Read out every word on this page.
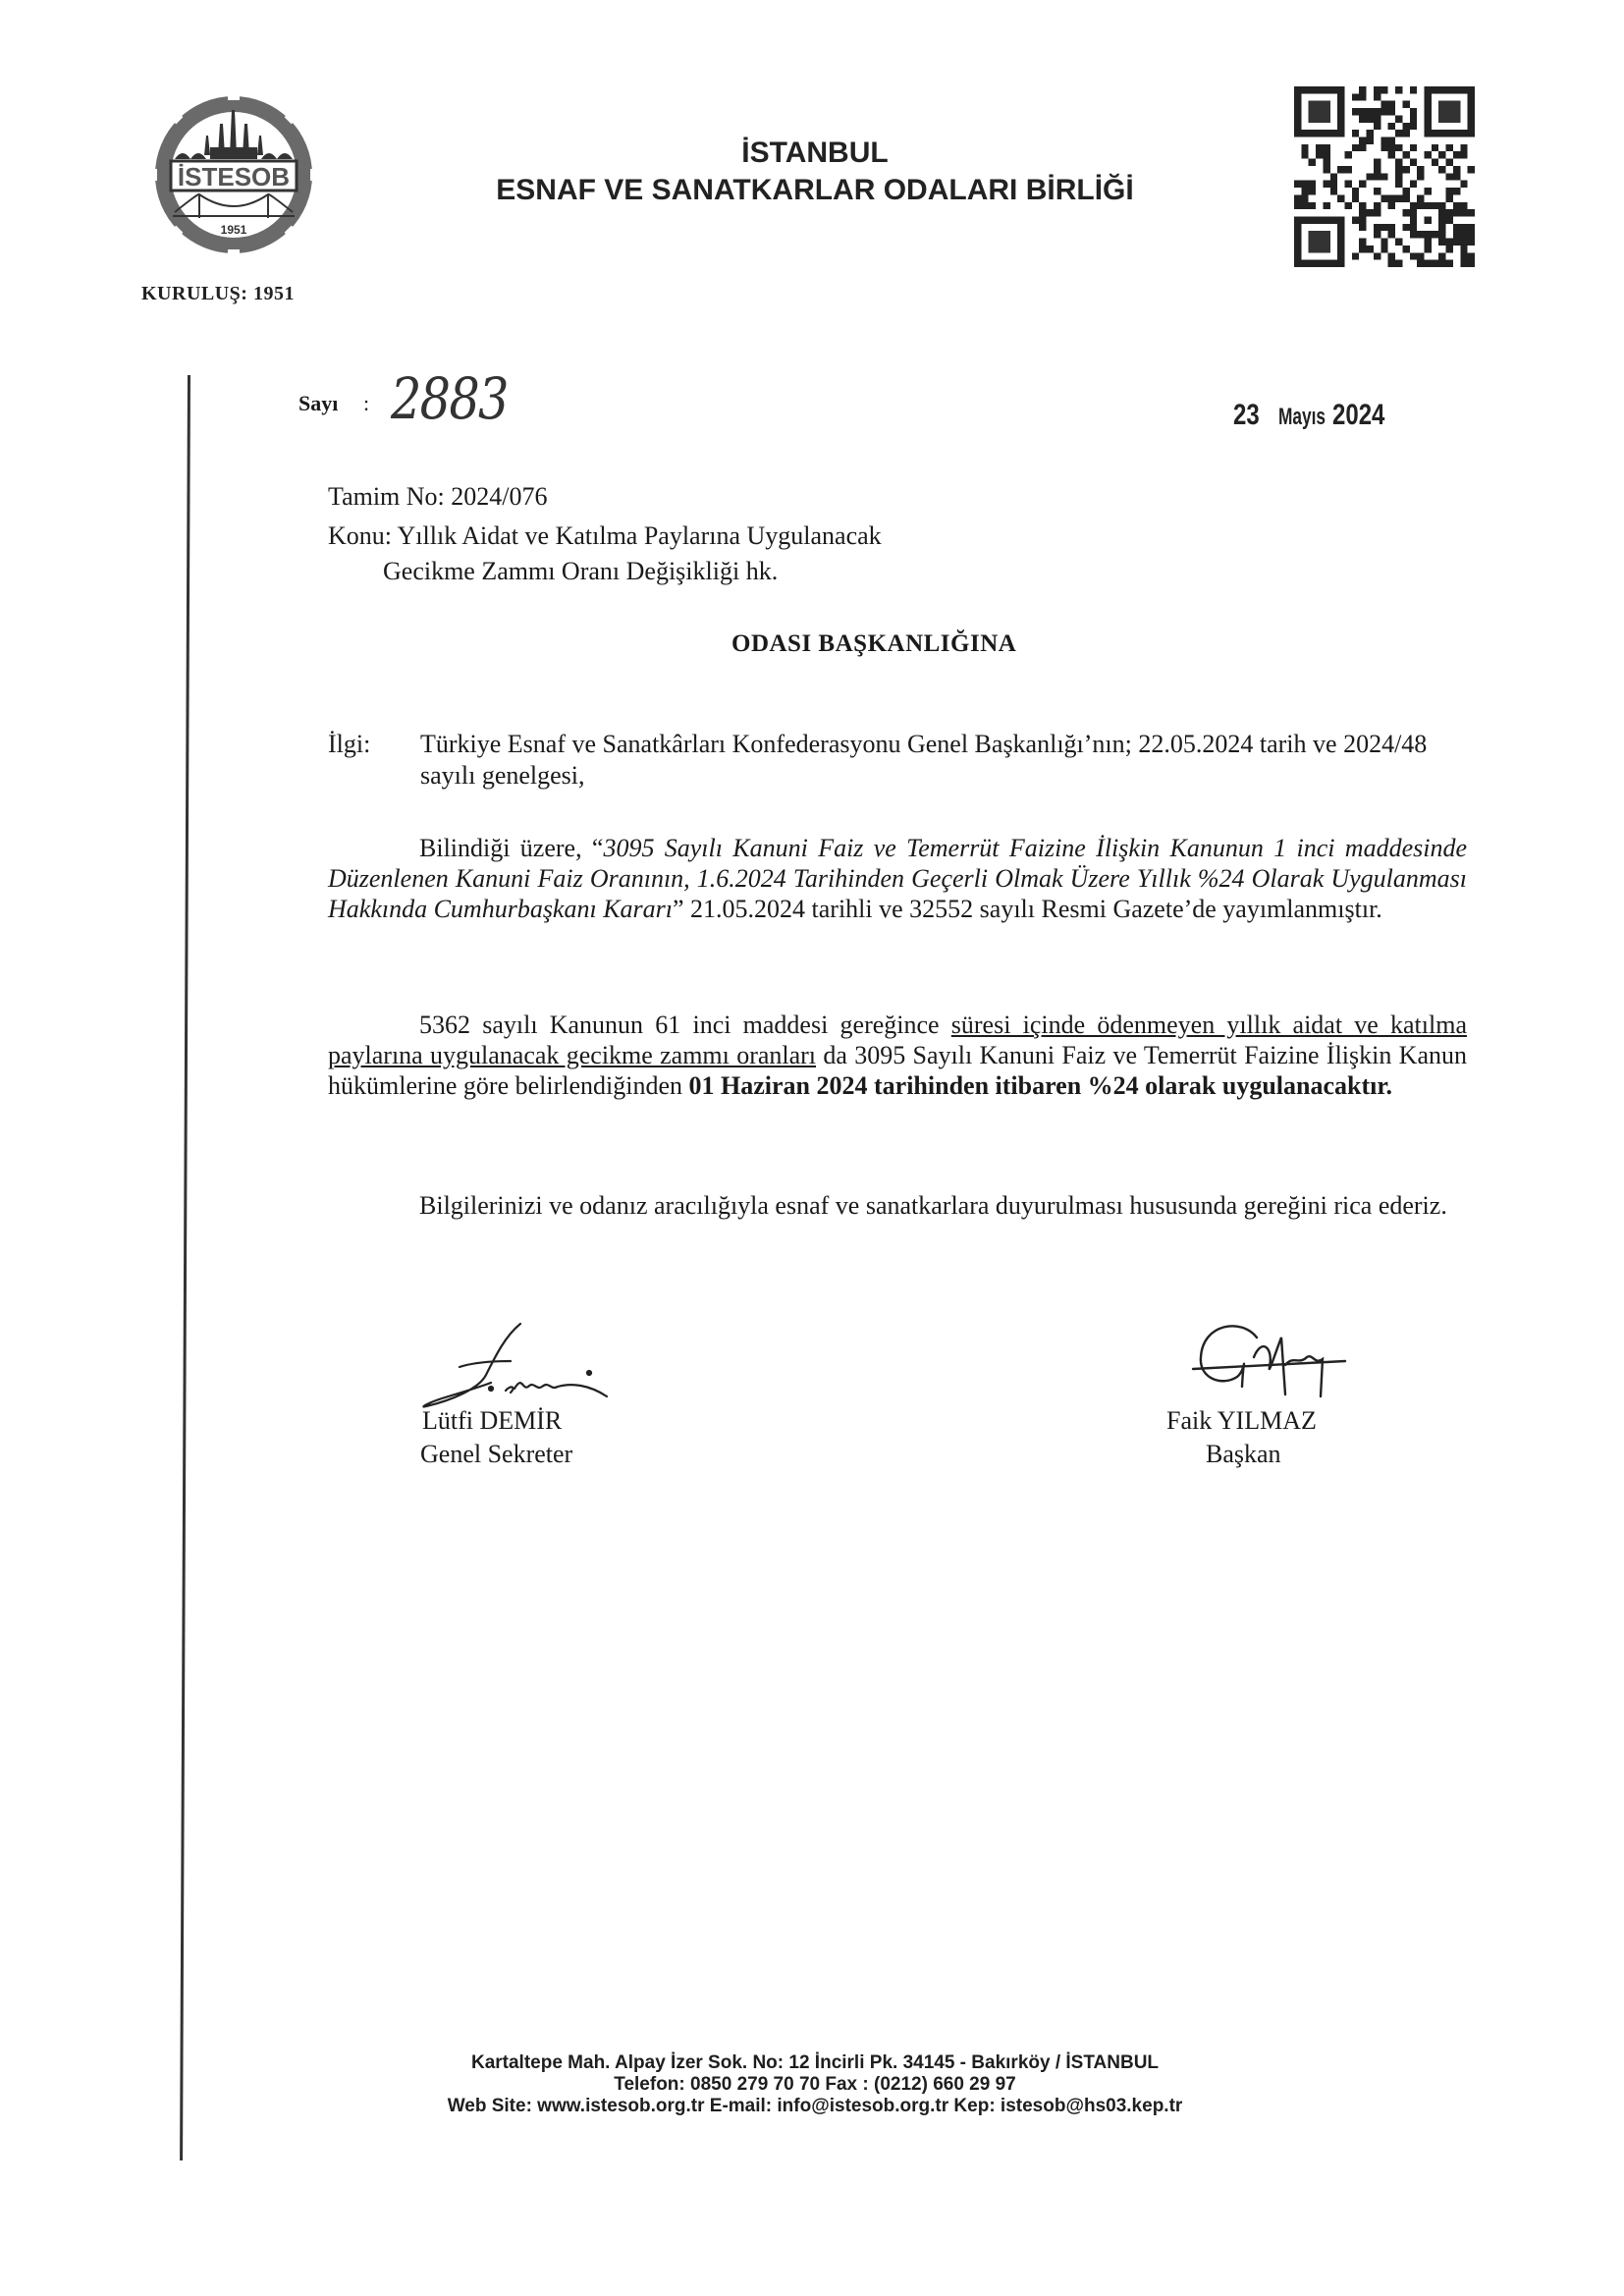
İSTESOB
1951
KURULUŞ: 1951
İSTANBUL
ESNAF VE SANATKARLAR ODALARI BİRLİĞİ
Sayı : 2883	23 Mayıs 2024
Tamim No: 2024/076
Konu: Yıllık Aidat ve Katılma Paylarına Uygulanacak
Gecikme Zammı Oranı Değişikliği hk.
ODASI BAŞKANLIĞINA
İlgi: Türkiye Esnaf ve Sanatkârları Konfederasyonu Genel Başkanlığı’nın; 22.05.2024 tarih ve 2024/48 sayılı genelgesi,
Bilindiği üzere, “3095 Sayılı Kanuni Faiz ve Temerrüt Faizine İlişkin Kanunun 1 inci maddesinde Düzenlenen Kanuni Faiz Oranının, 1.6.2024 Tarihinden Geçerli Olmak Üzere Yıllık %24 Olarak Uygulanması Hakkında Cumhurbaşkanı Kararı” 21.05.2024 tarihli ve 32552 sayılı Resmi Gazete’de yayımlanmıştır.
5362 sayılı Kanunun 61 inci maddesi gereğince süresi içinde ödenmeyen yıllık aidat ve katılma paylarına uygulanacak gecikme zammı oranları da 3095 Sayılı Kanuni Faiz ve Temerrüt Faizine İlişkin Kanun hükümlerine göre belirlendiğinden 01 Haziran 2024 tarihinden itibaren %24 olarak uygulanacaktır.
Bilgilerinizi ve odanız aracılığıyla esnaf ve sanatkarlara duyurulması hususunda gereğini rica ederiz.
Lütfi DEMİR
Genel Sekreter
Faik YILMAZ
Başkan
Kartaltepe Mah. Alpay İzer Sok. No: 12 İncirli Pk. 34145 - Bakırköy / İSTANBUL
Telefon: 0850 279 70 70 Fax : (0212) 660 29 97
Web Site: www.istesob.org.tr E-mail: info@istesob.org.tr Kep: istesob@hs03.kep.tr
